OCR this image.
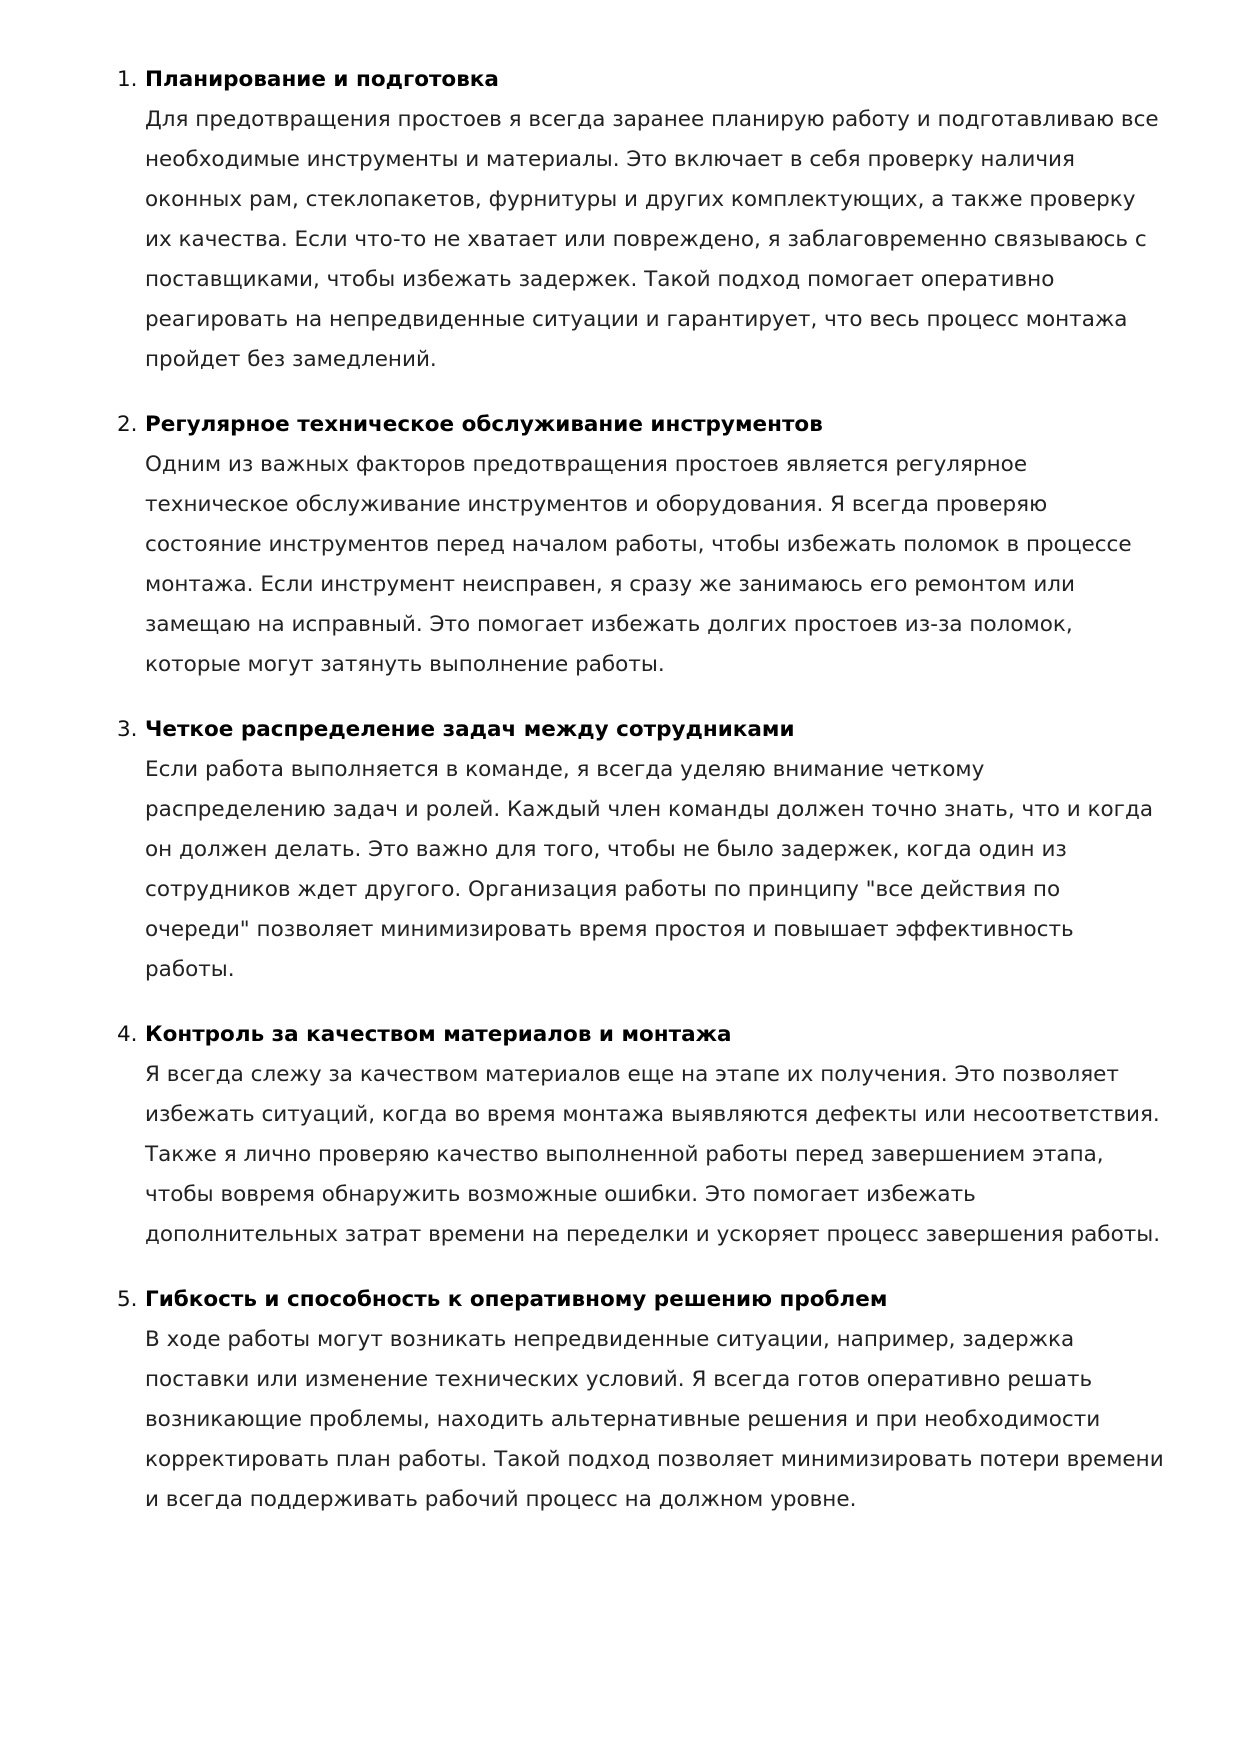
1. Планирование и подготовка

Для предотвращения простоев я всегда заранее планирую работу и подготавливаю все необходимые инструменты и материалы. Это включает в себя проверку наличия оконных рам, стеклопакетов, фурнитуры и других комплектующих, а также проверку их качества. Если что-то не хватает или повреждено, я заблаговременно связываюсь с поставщиками, чтобы избежать задержек. Такой подход помогает оперативно реагировать на непредвиденные ситуации и гарантирует, что весь процесс монтажа пройдет без замедлений.

2. Регулярное техническое обслуживание инструментов

Одним из важных факторов предотвращения простоев является регулярное техническое обслуживание инструментов и оборудования. Я всегда проверяю состояние инструментов перед началом работы, чтобы избежать поломок в процессе монтажа. Если инструмент неисправен, я сразу же занимаюсь его ремонтом или замещаю на исправный. Это помогает избежать долгих простоев из-за поломок, которые могут затянуть выполнение работы.

3. Четкое распределение задач между сотрудниками

Если работа выполняется в команде, я всегда уделяю внимание четкому распределению задач и ролей. Каждый член команды должен точно знать, что и когда он должен делать. Это важно для того, чтобы не было задержек, когда один из сотрудников ждет другого. Организация работы по принципу "все действия по очереди" позволяет минимизировать время простоя и повышает эффективность работы.

4. Контроль за качеством материалов и монтажа

Я всегда слежу за качеством материалов еще на этапе их получения. Это позволяет избежать ситуаций, когда во время монтажа выявляются дефекты или несоответствия. Также я лично проверяю качество выполненной работы перед завершением этапа, чтобы вовремя обнаружить возможные ошибки. Это помогает избежать дополнительных затрат времени на переделки и ускоряет процесс завершения работы.

5. Гибкость и способность к оперативному решению проблем

В ходе работы могут возникать непредвиденные ситуации, например, задержка поставки или изменение технических условий. Я всегда готов оперативно решать возникающие проблемы, находить альтернативные решения и при необходимости корректировать план работы. Такой подход позволяет минимизировать потери времени и всегда поддерживать рабочий процесс на должном уровне.
